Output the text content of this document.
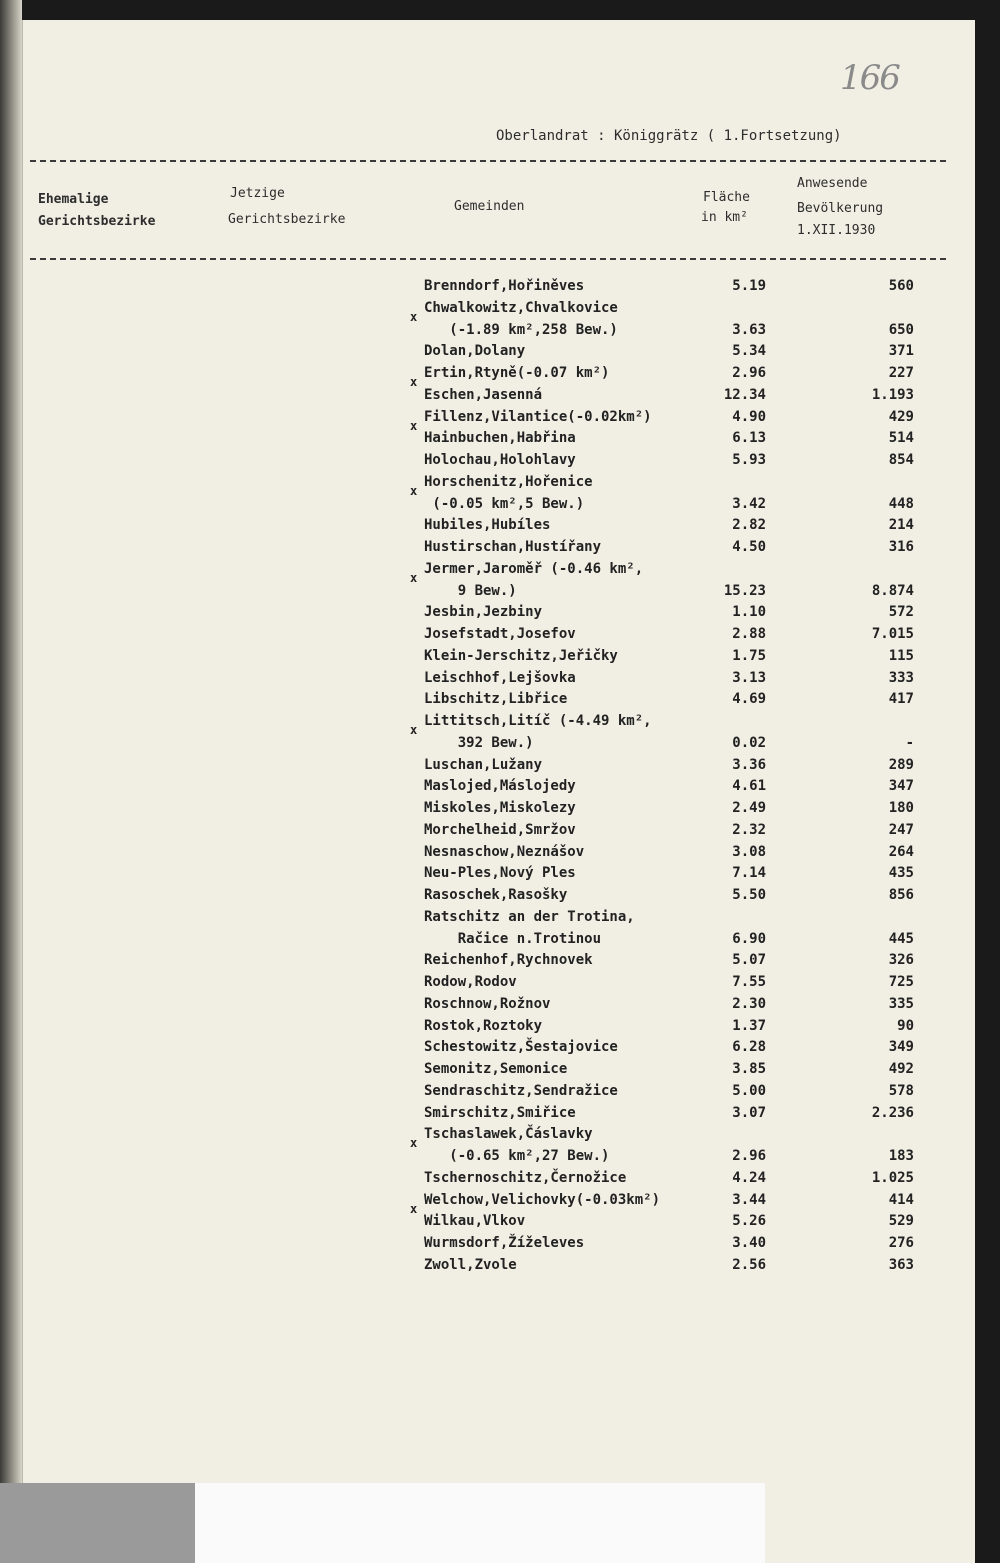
166
Oberlandrat : Königgrätz ( 1.Fortsetzung)
Ehemalige
Gerichtsbezirke
Jetzige
Gerichtsbezirke
Gemeinden
Fläche
in km²
Anwesende
Bevölkerung
1.XII.1930
Brenndorf,Hořiněves	5.19	560
x
Chwalkowitz,Chvalkovice
(-1.89 km²,258 Bew.)	3.63	650
Dolan,Dolany	5.34	371
x
Ertin,Rtyně(-0.07 km²)	2.96	227
Eschen,Jasenná	12.34	1.193
x
Fillenz,Vilantice(-0.02km²)	4.90	429
Hainbuchen,Habřina	6.13	514
Holochau,Holohlavy	5.93	854
x
Horschenitz,Hořenice
(-0.05 km²,5 Bew.)	3.42	448
Hubiles,Hubíles	2.82	214
Hustirschan,Hustířany	4.50	316
x
Jermer,Jaroměř (-0.46 km²,
9 Bew.)	15.23	8.874
Jesbin,Jezbiny	1.10	572
Josefstadt,Josefov	2.88	7.015
Klein-Jerschitz,Jeřičky	1.75	115
Leischhof,Lejšovka	3.13	333
Libschitz,Libřice	4.69	417
x
Littitsch,Litíč (-4.49 km²,
392 Bew.)	0.02	-
Luschan,Lužany	3.36	289
Maslojed,Máslojedy	4.61	347
Miskoles,Miskolezy	2.49	180
Morchelheid,Smržov	2.32	247
Nesnaschow,Neznášov	3.08	264
Neu-Ples,Nový Ples	7.14	435
Rasoschek,Rasošky	5.50	856
Ratschitz an der Trotina,
Račice n.Trotinou	6.90	445
Reichenhof,Rychnovek	5.07	326
Rodow,Rodov	7.55	725
Roschnow,Rožnov	2.30	335
Rostok,Roztoky	1.37	90
Schestowitz,Šestajovice	6.28	349
Semonitz,Semonice	3.85	492
Sendraschitz,Sendražice	5.00	578
Smirschitz,Smiřice	3.07	2.236
x
Tschaslawek,Čáslavky
(-0.65 km²,27 Bew.)	2.96	183
Tschernoschitz,Černožice	4.24	1.025
x
Welchow,Velichovky(-0.03km²)	3.44	414
Wilkau,Vlkov	5.26	529
Wurmsdorf,Žíželeves	3.40	276
Zwoll,Zvole	2.56	363
